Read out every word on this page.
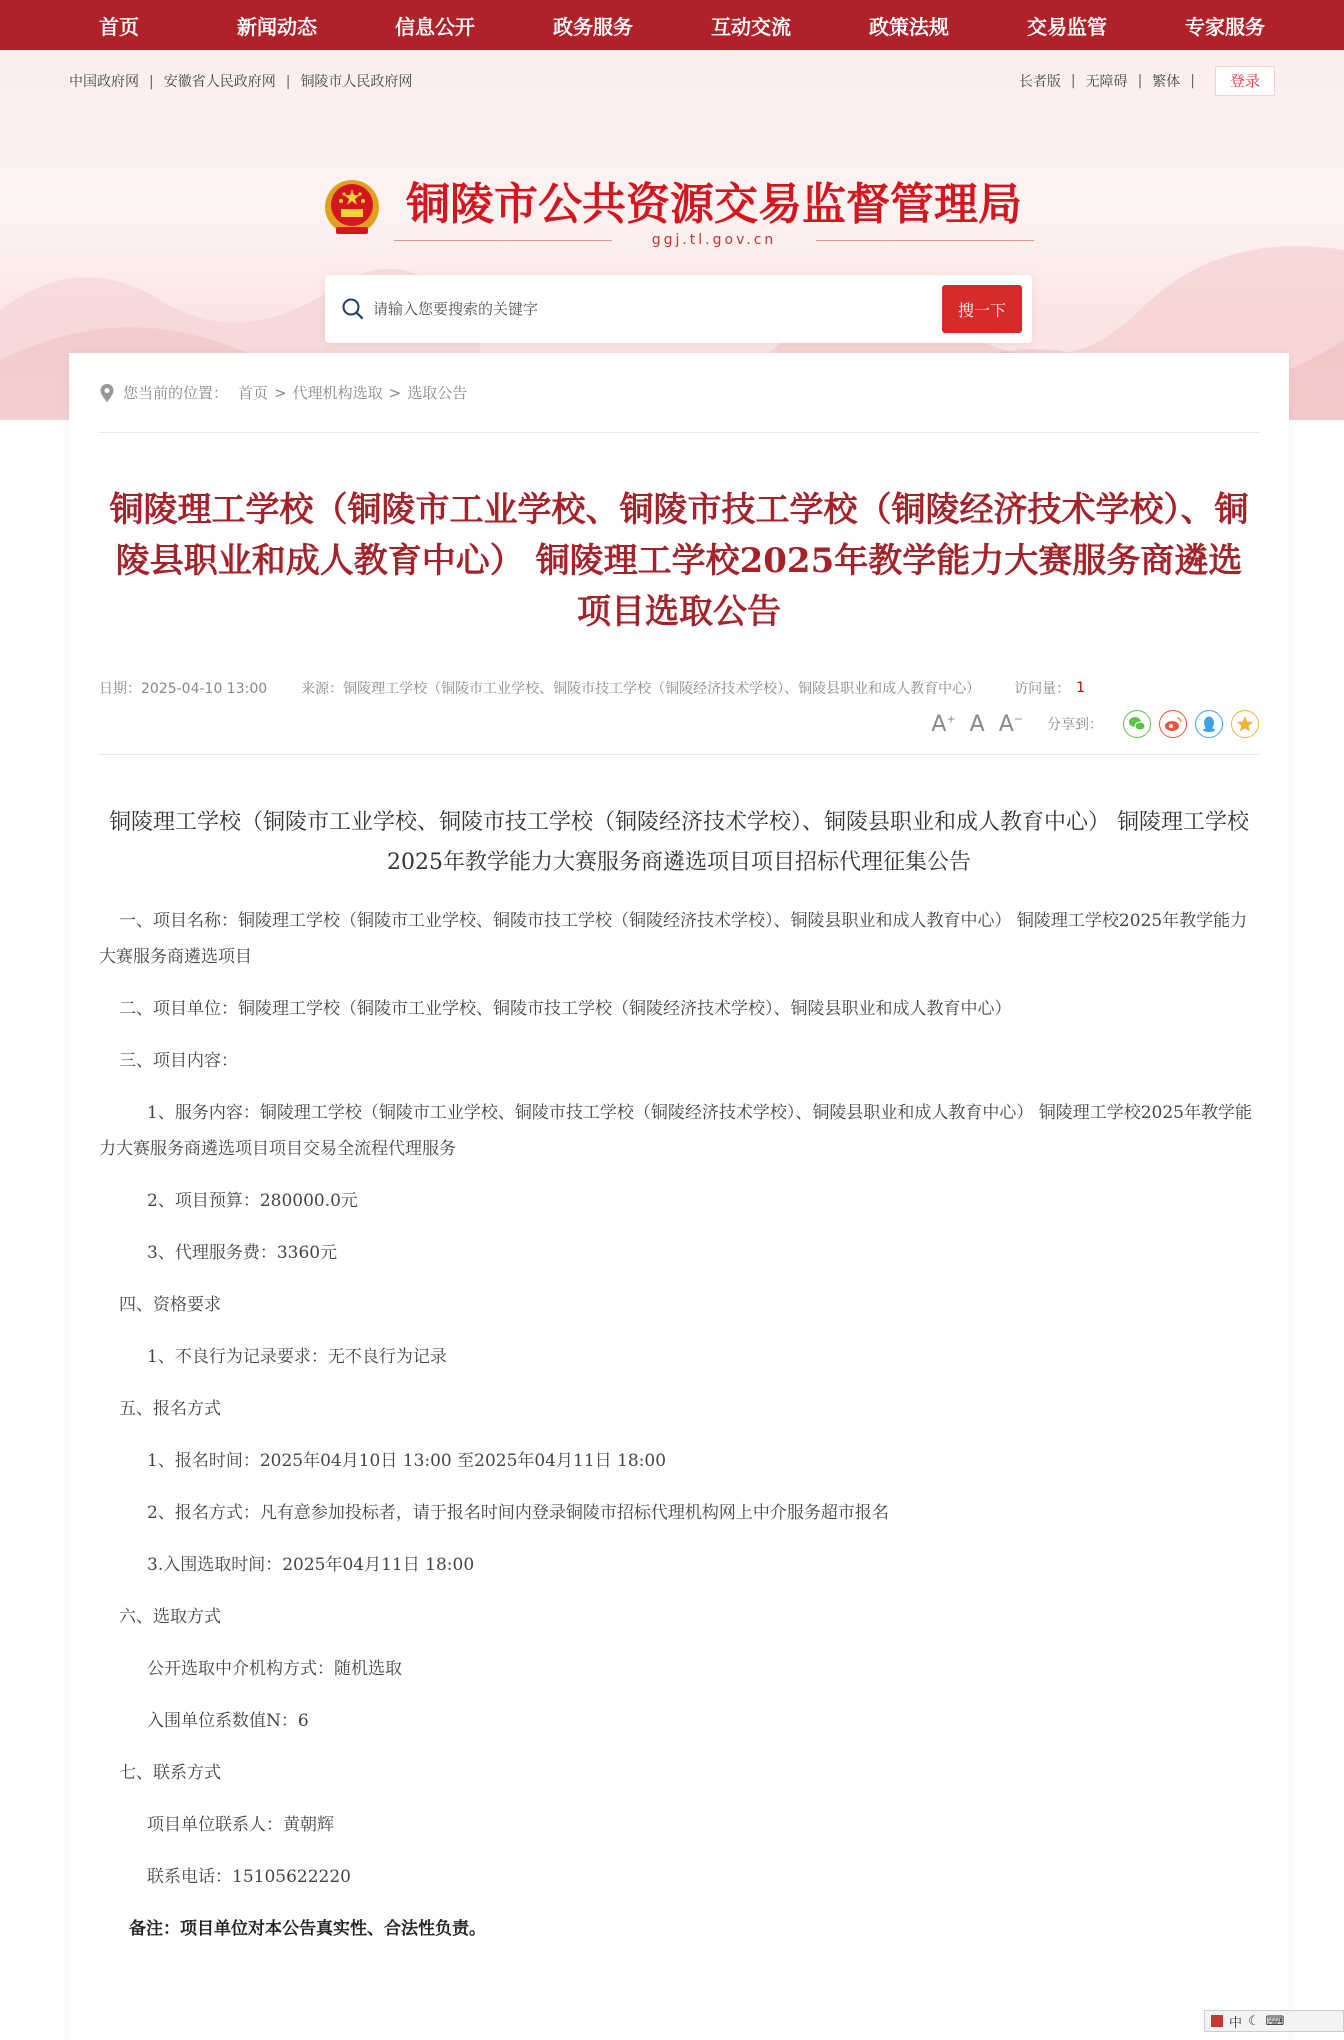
首页	新闻动态	信息公开	政务服务	互动交流	政策法规	交易监管	专家服务
中国政府网 | 安徽省人民政府网 | 铜陵市人民政府网	长者版 | 无障碍 | 繁体 |	登录
铜陵市公共资源交易监督管理局
ggj.tl.gov.cn
请输入您要搜索的关键字
搜一下
您当前的位置： 首页 > 代理机构选取 > 选取公告
铜陵理工学校（铜陵市工业学校、铜陵市技工学校（铜陵经济技术学校）、铜陵县职业和成人教育中心） 铜陵理工学校2025年教学能力大赛服务商遴选项目选取公告
日期：2025-04-10 13:00 来源：铜陵理工学校（铜陵市工业学校、铜陵市技工学校（铜陵经济技术学校）、铜陵县职业和成人教育中心） 访问量： 1
A+ A A− 分享到：
铜陵理工学校（铜陵市工业学校、铜陵市技工学校（铜陵经济技术学校）、铜陵县职业和成人教育中心） 铜陵理工学校2025年教学能力大赛服务商遴选项目项目招标代理征集公告

一、项目名称：铜陵理工学校（铜陵市工业学校、铜陵市技工学校（铜陵经济技术学校）、铜陵县职业和成人教育中心） 铜陵理工学校2025年教学能力大赛服务商遴选项目

二、项目单位：铜陵理工学校（铜陵市工业学校、铜陵市技工学校（铜陵经济技术学校）、铜陵县职业和成人教育中心）

三、项目内容：

1、服务内容：铜陵理工学校（铜陵市工业学校、铜陵市技工学校（铜陵经济技术学校）、铜陵县职业和成人教育中心） 铜陵理工学校2025年教学能力大赛服务商遴选项目项目交易全流程代理服务

2、项目预算：280000.0元

3、代理服务费：3360元

四、资格要求

1、不良行为记录要求：无不良行为记录

五、报名方式

1、报名时间：2025年04月10日 13:00 至2025年04月11日 18:00

2、报名方式：凡有意参加投标者，请于报名时间内登录铜陵市招标代理机构网上中介服务超市报名

3.入围选取时间：2025年04月11日 18:00

六、选取方式

公开选取中介机构方式：随机选取

入围单位系数值N：6

七、联系方式

项目单位联系人：黄朝辉

联系电话：15105622220

备注：项目单位对本公告真实性、合法性负责。

中 ☾ ⌨
